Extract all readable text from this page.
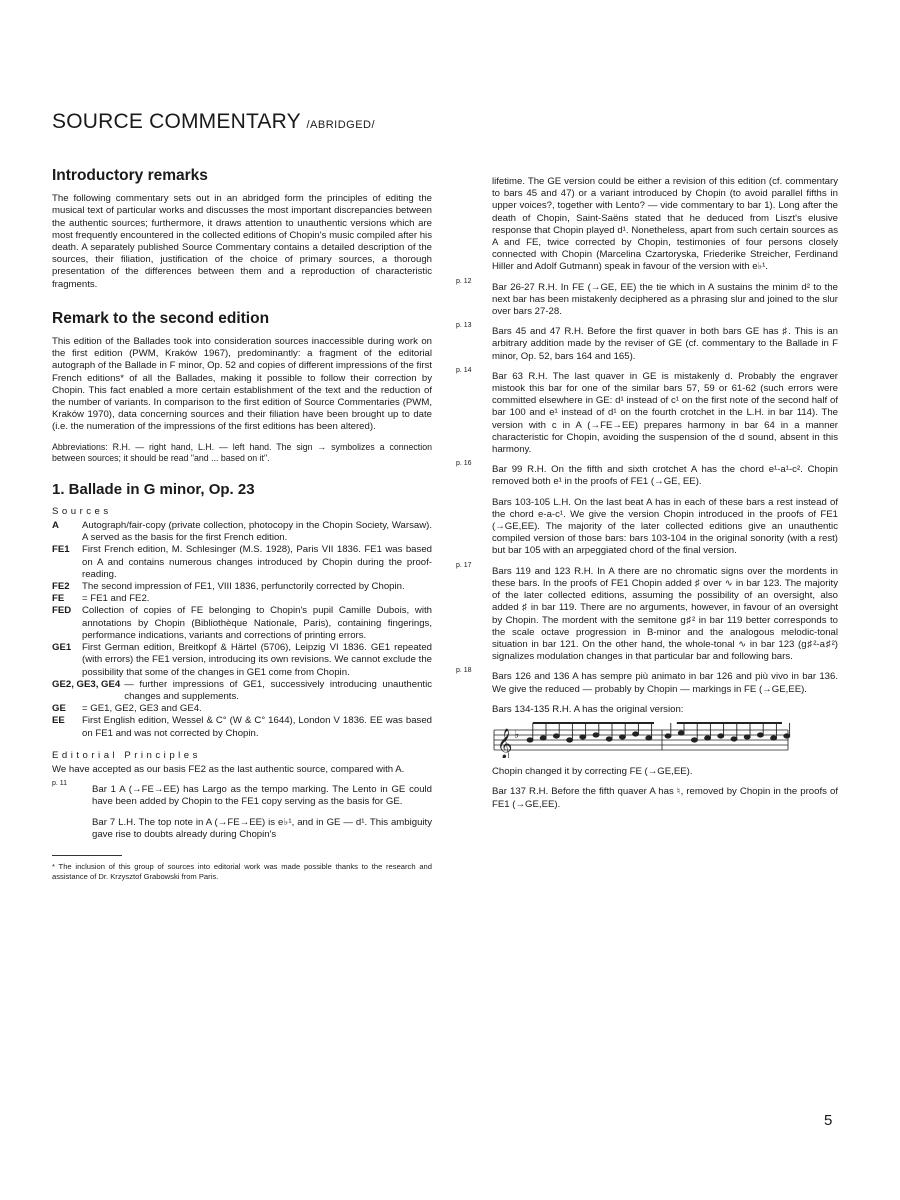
SOURCE COMMENTARY /ABRIDGED/
Introductory remarks

The following commentary sets out in an abridged form the principles of editing the musical text of particular works and discusses the most important discrepancies between the authentic sources; furthermore, it draws attention to unauthentic versions which are most frequently encountered in the collected editions of Chopin's music compiled after his death. A separately published Source Commentary contains a detailed description of the sources, their filiation, justification of the choice of primary sources, a thorough presentation of the differences between them and a reproduction of characteristic fragments.

Remark to the second edition

This edition of the Ballades took into consideration sources inaccessible during work on the first edition (PWM, Kraków 1967), predominantly: a fragment of the editorial autograph of the Ballade in F minor, Op. 52 and copies of different impressions of the first French editions* of all the Ballades, making it possible to follow their correction by Chopin. This fact enabled a more certain establishment of the text and the reduction of the number of variants. In comparison to the first edition of Source Commentaries (PWM, Kraków 1970), data concerning sources and their filiation have been brought up to date (i.e. the numeration of the impressions of the first editions has been altered).

Abbreviations: R.H. — right hand, L.H. — left hand. The sign → symbolizes a connection between sources; it should be read "and ... based on it".

1. Ballade in G minor, Op. 23
Sources
A	Autograph/fair-copy (private collection, photocopy in the Chopin Society, Warsaw). A served as the basis for the first French edition.
FE1	First French edition, M. Schlesinger (M.S. 1928), Paris VII 1836. FE1 was based on A and contains numerous changes introduced by Chopin during the proof-reading.
FE2	The second impression of FE1, VIII 1836, perfunctorily corrected by Chopin.
FE	= FE1 and FE2.
FED	Collection of copies of FE belonging to Chopin's pupil Camille Dubois, with annotations by Chopin (Bibliothèque Nationale, Paris), containing fingerings, performance indications, variants and corrections of printing errors.
GE1	First German edition, Breitkopf & Härtel (5706), Leipzig VI 1836. GE1 repeated (with errors) the FE1 version, introducing its own revisions. We cannot exclude the possibility that some of the changes in GE1 come from Chopin.
GE2, GE3, GE4 — further impressions of GE1, successively introducing unauthentic changes and supplements.
GE	= GE1, GE2, GE3 and GE4.
EE	First English edition, Wessel & C° (W & C° 1644), London V 1836. EE was based on FE1 and was not corrected by Chopin.
Editorial Principles

We have accepted as our basis FE2 as the last authentic source, compared with A.

p. 11

Bar 1 A (→FE→EE) has Largo as the tempo marking. The Lento in GE could have been added by Chopin to the FE1 copy serving as the basis for GE.

Bar 7 L.H. The top note in A (→FE→EE) is e♭¹, and in GE — d¹. This ambiguity gave rise to doubts already during Chopin's

* The inclusion of this group of sources into editorial work was made possible thanks to the research and assistance of Dr. Krzysztof Grabowski from Paris.

lifetime. The GE version could be either a revision of this edition (cf. commentary to bars 45 and 47) or a variant introduced by Chopin (to avoid parallel fifths in upper voices?, together with Lento? — vide commentary to bar 1). Long after the death of Chopin, Saint-Saëns stated that he deduced from Liszt's elusive response that Chopin played d¹. Nonetheless, apart from such certain sources as A and FE, twice corrected by Chopin, testimonies of four persons closely connected with Chopin (Marcelina Czartoryska, Friederike Streicher, Ferdinand Hiller and Adolf Gutmann) speak in favour of the version with e♭¹.

p. 12

Bar 26-27 R.H. In FE (→GE, EE) the tie which in A sustains the minim d² to the next bar has been mistakenly deciphered as a phrasing slur and joined to the slur over bars 27-28.

p. 13

Bars 45 and 47 R.H. Before the first quaver in both bars GE has ♯. This is an arbitrary addition made by the reviser of GE (cf. commentary to the Ballade in F minor, Op. 52, bars 164 and 165).

p. 14

Bar 63 R.H. The last quaver in GE is mistakenly d. Probably the engraver mistook this bar for one of the similar bars 57, 59 or 61-62 (such errors were committed elsewhere in GE: d¹ instead of c¹ on the first note of the second half of bar 100 and e¹ instead of d¹ on the fourth crotchet in the L.H. in bar 114). The version with c in A (→FE→EE) prepares harmony in bar 64 in a manner characteristic for Chopin, avoiding the suspension of the d sound, absent in this harmony.

p. 16

Bar 99 R.H. On the fifth and sixth crotchet A has the chord e¹-a¹-c². Chopin removed both e¹ in the proofs of FE1 (→GE, EE).

Bars 103-105 L.H. On the last beat A has in each of these bars a rest instead of the chord e-a-c¹. We give the version Chopin introduced in the proofs of FE1 (→GE,EE). The majority of the later collected editions give an unauthentic compiled version of those bars: bars 103-104 in the original sonority (with a rest) but bar 105 with an arpeggiated chord of the final version.

p. 17

Bars 119 and 123 R.H. In A there are no chromatic signs over the mordents in these bars. In the proofs of FE1 Chopin added ♯ over ∿ in bar 123. The majority of the later collected editions, assuming the possibility of an oversight, also added ♯ in bar 119. There are no arguments, however, in favour of an oversight by Chopin. The mordent with the semitone g♯² in bar 119 better corresponds to the scale octave progression in B-minor and the analogous melodic-tonal situation in bar 121. On the other hand, the whole-tonal ∿ in bar 123 (g♯²-a♯²) signalizes modulation changes in that particular bar and following bars.

p. 18

Bars 126 and 136 A has sempre più animato in bar 126 and più vivo in bar 136. We give the reduced — probably by Chopin — markings in FE (→GE,EE).

Bars 134-135 R.H. A has the original version:

𝄞 ♭

Chopin changed it by correcting FE (→GE,EE).

Bar 137 R.H. Before the fifth quaver A has ♮, removed by Chopin in the proofs of FE1 (→GE,EE).

5
